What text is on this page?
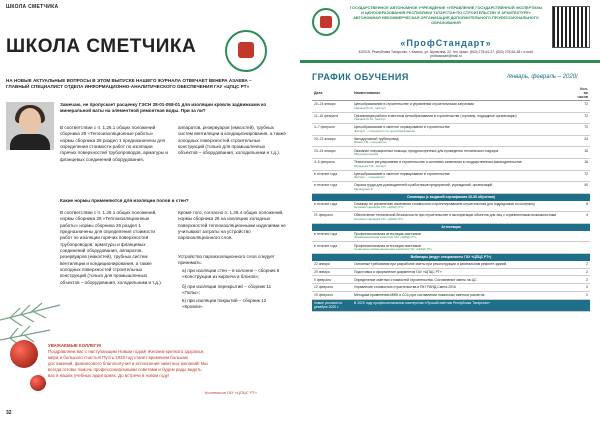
ШКОЛА СМЕТЧИКА
ШКОЛА СМЕТЧИКА
НА НОВЫЕ АКТУАЛЬНЫЕ ВОПРОСЫ В ЭТОМ ВЫПУСКЕ НАШЕГО ЖУРНАЛА ОТВЕЧАЕТ ВЕНЕРА АЗАЕВА – ГЛАВНЫЙ СПЕЦИАЛИСТ ОТДЕЛА ИНФОРМАЦИОННО-АНАЛИТИЧЕСКОГО ОБЕСПЕЧЕНИЯ ГАУ «ЦПЦС РТ»
Замечаю, не пропускает расценку ГЭСН 28-01-058-01 для изоляции кровли задвижками из минеральной ваты на элементной ремонтная воды. При за ли?
В соответствии с п. 1.26.1 общих положений сборника 26 «Теплоизоляционные работы» нормы сборника 26 раздел 1 предназначены для определения стоимости работ по изоляции горячих поверхностей трубопроводов, арматуры и фланцевых соединений оборудования,
аппаратов, резервуаров (емкостей), трубных систем вентиляции и кондиционирования, а также холодных поверхностей строительных конструкций (только для промышленных объектов – оборудования, холодильники и т.д.).
Какие нормы применяются для изоляции полов и стен?
В соответствии с п. 1.26.1 общих положений, нормы сборника 26 «Теплоизоляционные работы» нормы сборника 26 раздел 1 предназначены для определения стоимости работ по изоляции горячих поверхностей трубопроводов, арматуры и фланцевых соединений оборудования, аппаратов, резервуаров (емкостей), трубных систем вентиляции и кондиционирования, а также холодных поверхностей строительных конструкций (только для промышленных объектов – оборудования, холодильники и т.д.).
Кроме того, согласно п. 1.26.4 общих положений, нормы сборника 26 на изоляцию холодных поверхностей теплоизоляционными изделиями не учитывают затраты на устройство пароизоляционного слоя.
Устройство пароизоляционного слоя следует принимать:
а) при изоляции стен – в колонне – сборник 8 «Конструкции из кирпича и блоков»;
б) при изоляции перекрытий – сборник 11 «Полы»;
в) при изоляции покрытий – сборник 12 «Кровли».
УВАЖАЕМЫЕ КОЛЛЕГИ!
Поздравляем вас с наступающим Новым годом! Желаем крепкого здоровья, мира и большого счастья! Пусть 2020 год станет временем больших достижений, финансового благополучия и исполнения заветных желаний! Мы всегда готовы помочь профессиональными советами и будем рады видеть вас в наших учебных аудиториях. До встречи в новом году!
Коллектив ГАУ «ЦПЦС РТ»
32
ГОСУДАРСТВЕННОЕ АВТОНОМНОЕ УЧРЕЖДЕНИЕ «УПРАВЛЕНИЕ ГОСУДАРСТВЕННОЙ ЭКСПЕРТИЗЫ И ЦЕНООБРАЗОВАНИЯ РЕСПУБЛИКИ ТАТАРСТАН ПО СТРОИТЕЛЬСТВУ И АРХИТЕКТУРЕ» АВТОНОМНАЯ НЕКОММЕРЧЕСКАЯ ОРГАНИЗАЦИЯ ДОПОЛНИТЕЛЬНОГО ПРОФЕССИОНАЛЬНОГО ОБРАЗОВАНИЯ
«ПрофСтандарт»
420015, Республика Татарстан, г. Казань, ул. Шульгина, 22, тел./факс: (843) 278-64-37, (843) 278-64-38 • e-mail: profstandart@mail.ru
ГРАФИК ОБУЧЕНИЯ	/январь, февраль – 2020/
Дата	Наименование	Кол-во часов
20–24 января	Ценообразование в строительстве и управлении строительными затратами
Гамзаев Ю.М., эксперт	72
11–16 февраля	Организация работы в местном ценообразовании в строительстве (торговля, подрядные организации)
Гамзаев Ю.М., эксперт	72
3–7 февраля	Ценообразование и сметное нормирование в строительстве
Эксперт – специалист по ценообразованию	72
20–22 января	Автодорожный трубопровод
Ямкин Т.В., специалист	24
23–24 января	Оказание операционных помощь, предусмотренных для проведения технического надзора
Мизунова Аксана	16
4–6 февраля	Техническое регулирование в строительстве и основные изменения в государственном законодательстве
Юринская Г.В., эксперт	16
в течение года	Ценообразование и сметное нормирование в строительстве
Эксперт – специалист	72
в течение года	Охрана труда для руководителей и работников предприятий, учреждений, организаций
Минжураев Р.	40
Семинары (с выдачей сертификата 20-30 обучения)		
в течение года	Семинар по управлению изменения стоимостью и проектированием строительства для подрядчиков по контракту
Ниязова Саркадия ГАУ «ЦПЦС РТ»	8
21 февраля	Обеспечение технической безопасности при строительстве и эксплуатации объектов для лиц с ограниченными возможностями
Ниязова Саркадия ГАУ «ЦПЦС РТ»	4
Аттестация		
в течение года	Профессиональная аттестация сметчиков
Экзаменационная комиссия ГАУ «ЦПЦС РТ»	

в течение года	Профессиональная аттестация сметчиков
Серверная экзаменационная комиссия ГАУ «ЦПЦС РТ»	

Вебинары (ведут специалисты ГАУ «ЦПЦС РТ»)		
22 января	Основные требования при разработке сметы при реконструкции и капитальном ремонте зданий	2
29 января	Подготовка и оформление документов ГАУ «ЦПЦС РТ»	2
5 февраля	Определение сметных стоимостей строительства. Составление сметы на ЦС	2
12 февраля	Управление стоимостью строительства в ПК ГРАНД-Смета 2016	2
19 февраля	Методика применения МЖК и ССЦ при составлении локальных сметных расчетов	2
новые условия по декабрю 2020 г.	В 2020 году профессиональные мастерства «Лучший сметчик Республики Татарстан»	
